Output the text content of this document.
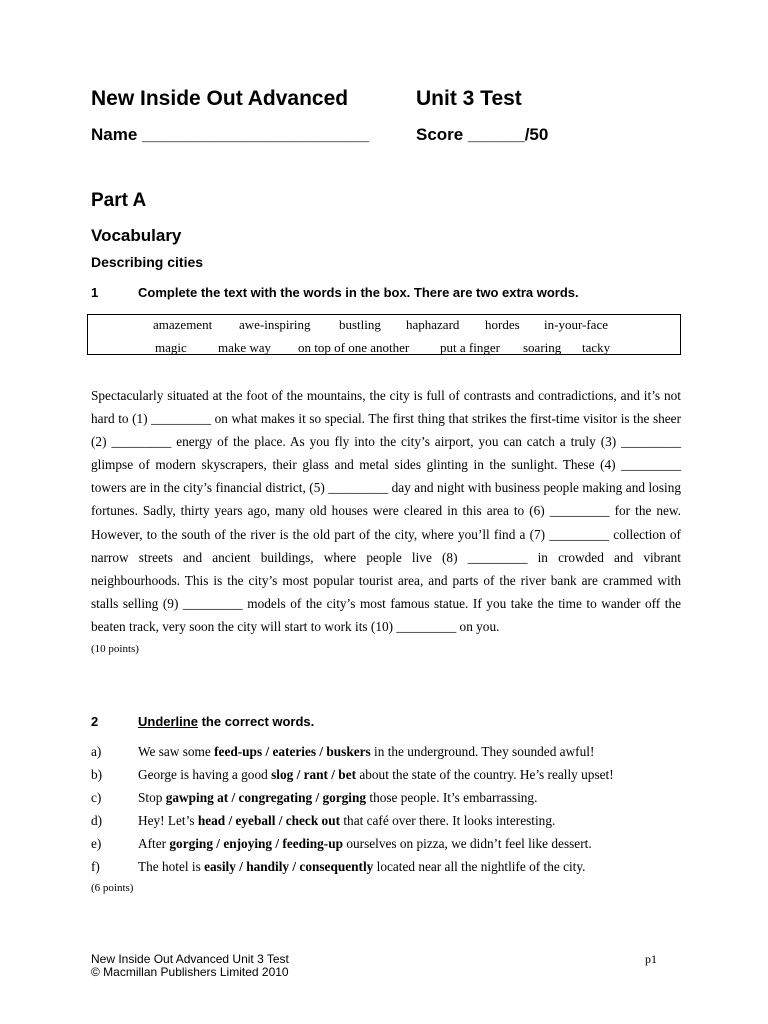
New Inside Out Advanced	Unit 3 Test
Name ________________________	Score ______/50
Part A
Vocabulary
Describing cities
1	Complete the text with the words in the box. There are two extra words.
amazement awe-inspiring bustling haphazard hordes in-your-face
magic make way on top of one another put a finger soaring tacky

Spectacularly situated at the foot of the mountains, the city is full of contrasts and contradictions, and it’s not hard to (1) _________ on what makes it so special. The first thing that strikes the first-time visitor is the sheer (2) _________ energy of the place. As you fly into the city’s airport, you can catch a truly (3) _________ glimpse of modern skyscrapers, their glass and metal sides glinting in the sunlight. These (4) _________ towers are in the city’s financial district, (5) _________ day and night with business people making and losing fortunes. Sadly, thirty years ago, many old houses were cleared in this area to (6) _________ for the new. However, to the south of the river is the old part of the city, where you’ll find a (7) _________ collection of narrow streets and ancient buildings, where people live (8) _________ in crowded and vibrant neighbourhoods. This is the city’s most popular tourist area, and parts of the river bank are crammed with stalls selling (9) _________ models of the city’s most famous statue. If you take the time to wander off the beaten track, very soon the city will start to work its (10) _________ on you.

(10 points)
2	Underline the correct words.
a)	We saw some feed-ups / eateries / buskers in the underground. They sounded awful!
b)	George is having a good slog / rant / bet about the state of the country. He’s really upset!
c)	Stop gawping at / congregating / gorging those people. It’s embarrassing.
d)	Hey! Let’s head / eyeball / check out that café over there. It looks interesting.
e)	After gorging / enjoying / feeding-up ourselves on pizza, we didn’t feel like dessert.
f)	The hotel is easily / handily / consequently located near all the nightlife of the city.
(6 points)
New Inside Out Advanced Unit 3 Test
© Macmillan Publishers Limited 2010
p1
